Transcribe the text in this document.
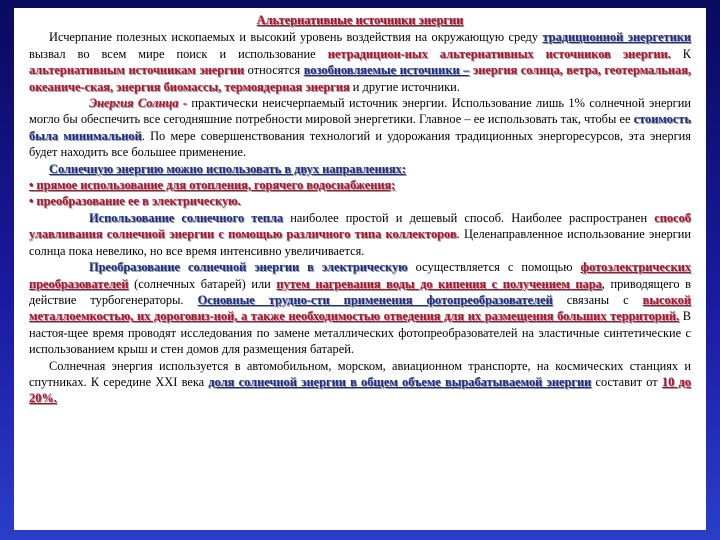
Альтернативные источники энергии

Исчерпание полезных ископаемых и высокий уровень воздействия на окружающую среду традиционной энергетики вызвал во всем мире поиск и использование нетрадицион-ных альтернативных источников энергии. К альтернативным источникам энергии относятся возобновляемые источники – энергия солнца, ветра, геотермальная, океаничe-ская, энергия биомассы, термоядерная энергия и другие источники.

Энергия Солнца - практически неисчерпаемый источник энергии. Использование лишь 1% солнечной энергии могло бы обеспечить все сегодняшние потребности мировой энергетики. Главное – ее использовать так, чтобы ее стоимость была минимальной. По мере совершенствования технологий и удорожания традиционных энергоресурсов, эта энергия будет находить все большее применение.

Солнечную энергию можно использовать в двух направлениях:

• прямое использование для отопления, горячего водоснабжения;

• преобразование ее в электрическую.

Использование солнечного тепла наиболее простой и дешевый способ. Наиболее распространен способ улавливания солнечной энергии с помощью различного типа коллекторов. Целенаправленное использование энергии солнца пока невелико, но все время интенсивно увеличивается.

Преобразование солнечной энергии в электрическую осуществляется с помощью фотоэлектрических преобразователей (солнечных батарей) или путем нагревания воды до кипения с получением пара, приводящего в действие турбогенераторы. Основные трудно-сти применения фотопреобразователей связаны с высокой металлоемкостью, их дороговиз-ной, а также необходимостью отведения для их размещения больших территорий. В настоя-щее время проводят исследования по замене металлических фотопреобразователей на эластичные синтетические с использованием крыш и стен домов для размещения батарей.

Солнечная энергия используется в автомобильном, морском, авиационном транспорте, на космических станциях и спутниках. К середине XXI века доля солнечной энергии в общем объеме вырабатываемой энергии составит от 10 до 20%.
